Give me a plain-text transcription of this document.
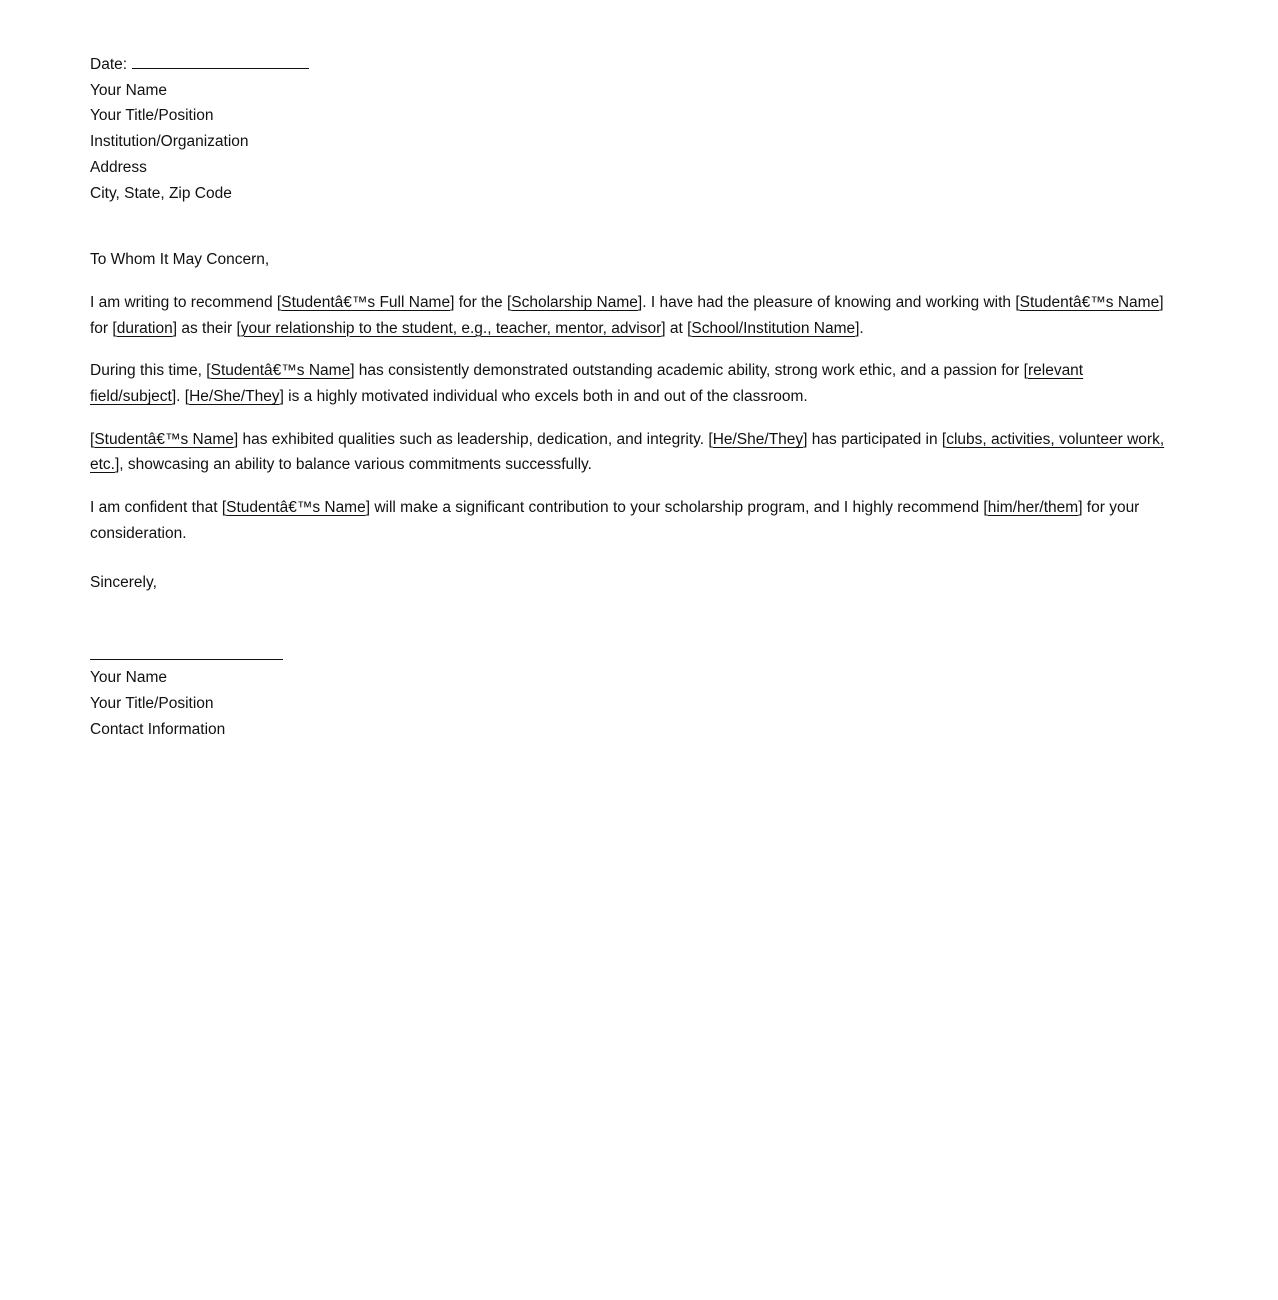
Date:

Your Name

Your Title/Position

Institution/Organization

Address

City, State, Zip Code

To Whom It May Concern,

I am writing to recommend [Studentâ€™s Full Name] for the [Scholarship Name]. I have had the pleasure of knowing and working with [Studentâ€™s Name] for [duration] as their [your relationship to the student, e.g., teacher, mentor, advisor] at [School/Institution Name].

During this time, [Studentâ€™s Name] has consistently demonstrated outstanding academic ability, strong work ethic, and a passion for [relevant field/subject]. [He/She/They] is a highly motivated individual who excels both in and out of the classroom.

[Studentâ€™s Name] has exhibited qualities such as leadership, dedication, and integrity. [He/She/They] has participated in [clubs, activities, volunteer work, etc.], showcasing an ability to balance various commitments successfully.

I am confident that [Studentâ€™s Name] will make a significant contribution to your scholarship program, and I highly recommend [him/her/them] for your consideration.

Sincerely,

Your Name

Your Title/Position

Contact Information
